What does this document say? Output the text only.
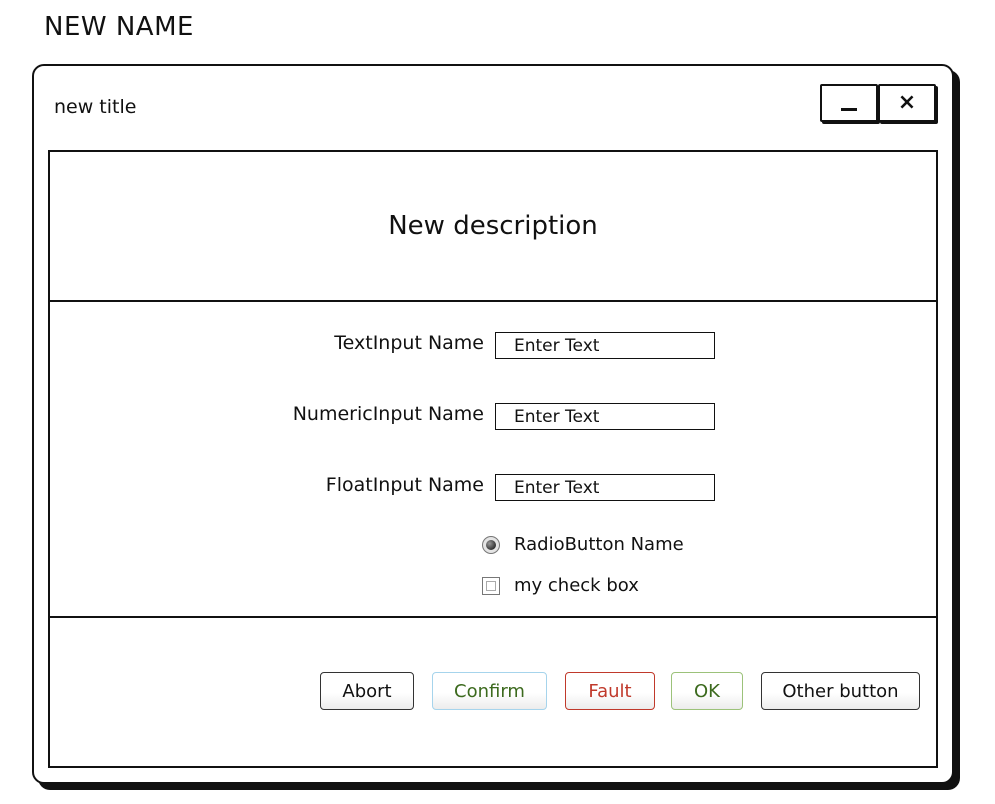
NEW NAME
new title	×
New description
TextInput Name
Enter Text
NumericInput Name
Enter Text
FloatInput Name
Enter Text
RadioButton Name
my check box
Abort	Confirm	Fault	OK	Other button
